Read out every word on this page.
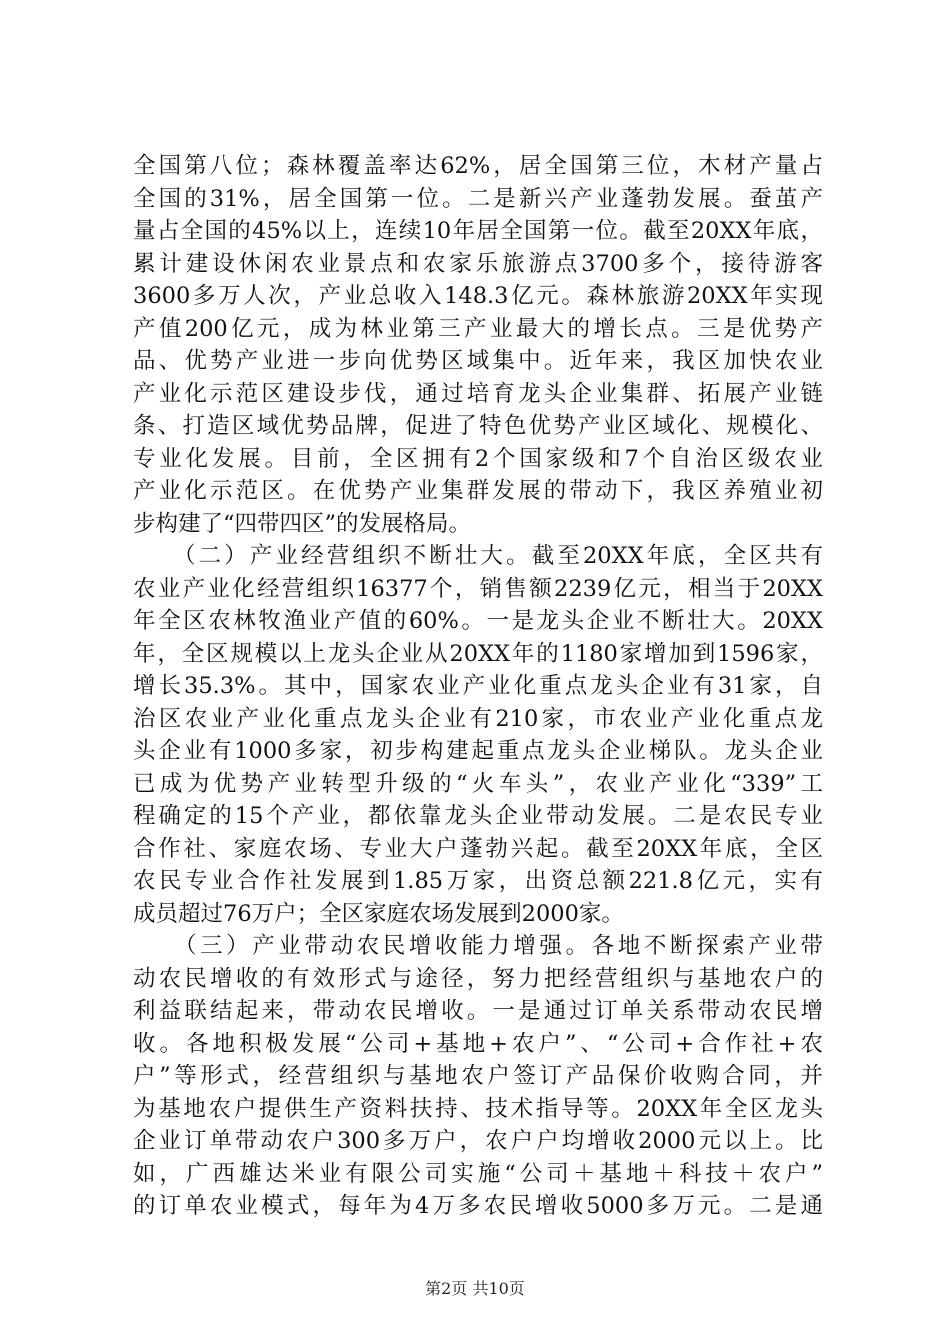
全国第八位；森林覆盖率达62%，居全国第三位，木材产量占
全国的31%，居全国第一位。二是新兴产业蓬勃发展。蚕茧产
量占全国的45%以上，连续10年居全国第一位。截至20XX年底，
累计建设休闲农业景点和农家乐旅游点3700多个，接待游客
3600多万人次，产业总收入148.3亿元。森林旅游20XX年实现
产值200亿元，成为林业第三产业最大的增长点。三是优势产
品、优势产业进一步向优势区域集中。近年来，我区加快农业
产业化示范区建设步伐，通过培育龙头企业集群、拓展产业链
条、打造区域优势品牌，促进了特色优势产业区域化、规模化、
专业化发展。目前，全区拥有2个国家级和7个自治区级农业
产业化示范区。在优势产业集群发展的带动下，我区养殖业初
步构建了“四带四区”的发展格局。
　　（二）产业经营组织不断壮大。截至20XX年底，全区共有
农业产业化经营组织16377个，销售额2239亿元，相当于20XX
年全区农林牧渔业产值的60%。一是龙头企业不断壮大。20XX
年，全区规模以上龙头企业从20XX年的1180家增加到1596家，
增长35.3%。其中，国家农业产业化重点龙头企业有31家，自
治区农业产业化重点龙头企业有210家，市农业产业化重点龙
头企业有1000多家，初步构建起重点龙头企业梯队。龙头企业
已成为优势产业转型升级的“火车头”，农业产业化“339”工
程确定的15个产业，都依靠龙头企业带动发展。二是农民专业
合作社、家庭农场、专业大户蓬勃兴起。截至20XX年底，全区
农民专业合作社发展到1.85万家，出资总额221.8亿元，实有
成员超过76万户；全区家庭农场发展到2000家。
　　（三）产业带动农民增收能力增强。各地不断探索产业带
动农民增收的有效形式与途径，努力把经营组织与基地农户的
利益联结起来，带动农民增收。一是通过订单关系带动农民增
收。各地积极发展“公司+基地+农户”、“公司+合作社+农
户”等形式，经营组织与基地农户签订产品保价收购合同，并
为基地农户提供生产资料扶持、技术指导等。20XX年全区龙头
企业订单带动农户300多万户，农户户均增收2000元以上。比
如，广西雄达米业有限公司实施“公司＋基地＋科技＋农户”
的订单农业模式，每年为4万多农民增收5000多万元。二是通
第2页 共10页
